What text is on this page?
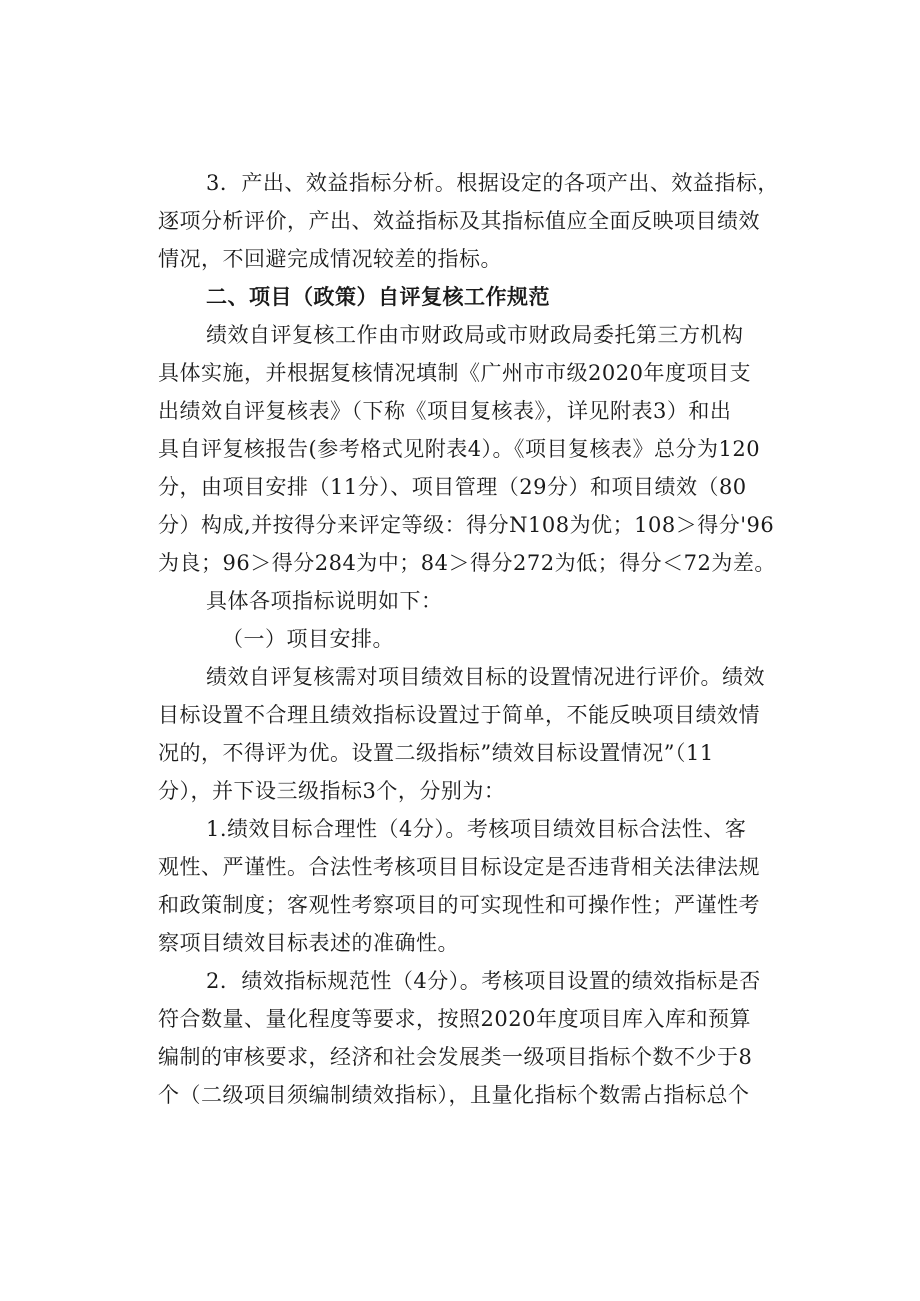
3．产出、效益指标分析。根据设定的各项产出、效益指标，
逐项分析评价，产出、效益指标及其指标值应全面反映项目绩效
情况，不回避完成情况较差的指标。
二、项目（政策）自评复核工作规范
绩效自评复核工作由市财政局或市财政局委托第三方机构
具体实施，并根据复核情况填制《广州市市级2020年度项目支
出绩效自评复核表》（下称《项目复核表》，详见附表3）和出
具自评复核报告(参考格式见附表4）。《项目复核表》总分为120
分，由项目安排（11分）、项目管理（29分）和项目绩效（80
分）构成,并按得分来评定等级：得分N108为优；108＞得分'96
为良；96＞得分284为中；84＞得分272为低；得分＜72为差。
具体各项指标说明如下：
（一）项目安排。
绩效自评复核需对项目绩效目标的设置情况进行评价。绩效
目标设置不合理且绩效指标设置过于简单，不能反映项目绩效情
况的，不得评为优。设置二级指标”绩效目标设置情况”（11
分），并下设三级指标3个，分别为：
1.绩效目标合理性（4分）。考核项目绩效目标合法性、客
观性、严谨性。合法性考核项目目标设定是否违背相关法律法规
和政策制度；客观性考察项目的可实现性和可操作性；严谨性考
察项目绩效目标表述的准确性。
2．绩效指标规范性（4分）。考核项目设置的绩效指标是否
符合数量、量化程度等要求，按照2020年度项目库入库和预算
编制的审核要求，经济和社会发展类一级项目指标个数不少于8
个（二级项目须编制绩效指标），且量化指标个数需占指标总个
